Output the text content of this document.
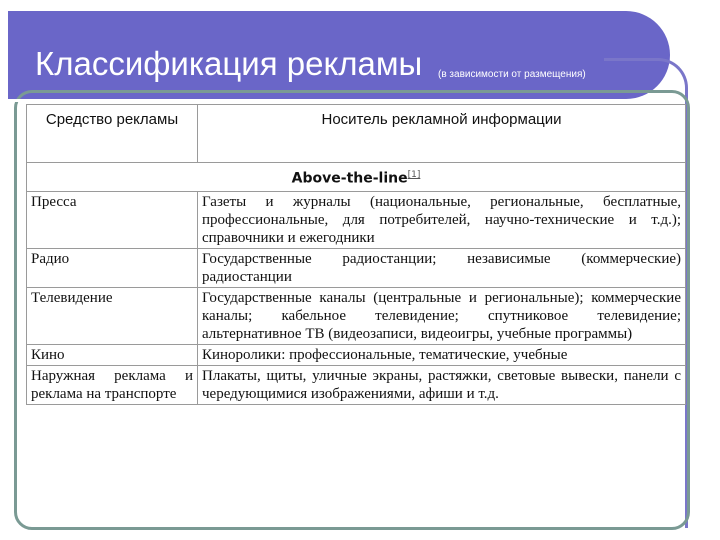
Классификация рекламы (в зависимости от размещения)
Средство рекламы	Носитель рекламной информации
Above-the-line[1]
Пресса	Газеты и журналы (национальные, региональные, бесплатные, профессиональные, для потребителей, научно-технические и т.д.); справочники и ежегодники
Радио	Государственные радиостанции; независимые (коммерческие) радиостанции
Телевидение	Государственные каналы (центральные и региональные); коммерческие каналы; кабельное телевидение; спутниковое телевидение; альтернативное ТВ (видеозаписи, видеоигры, учебные программы)
Кино	Киноролики: профессиональные, тематические, учебные
Наружная реклама и реклама на транспорте	Плакаты, щиты, уличные экраны, растяжки, световые вывески, панели с чередующимися изображениями, афиши и т.д.
